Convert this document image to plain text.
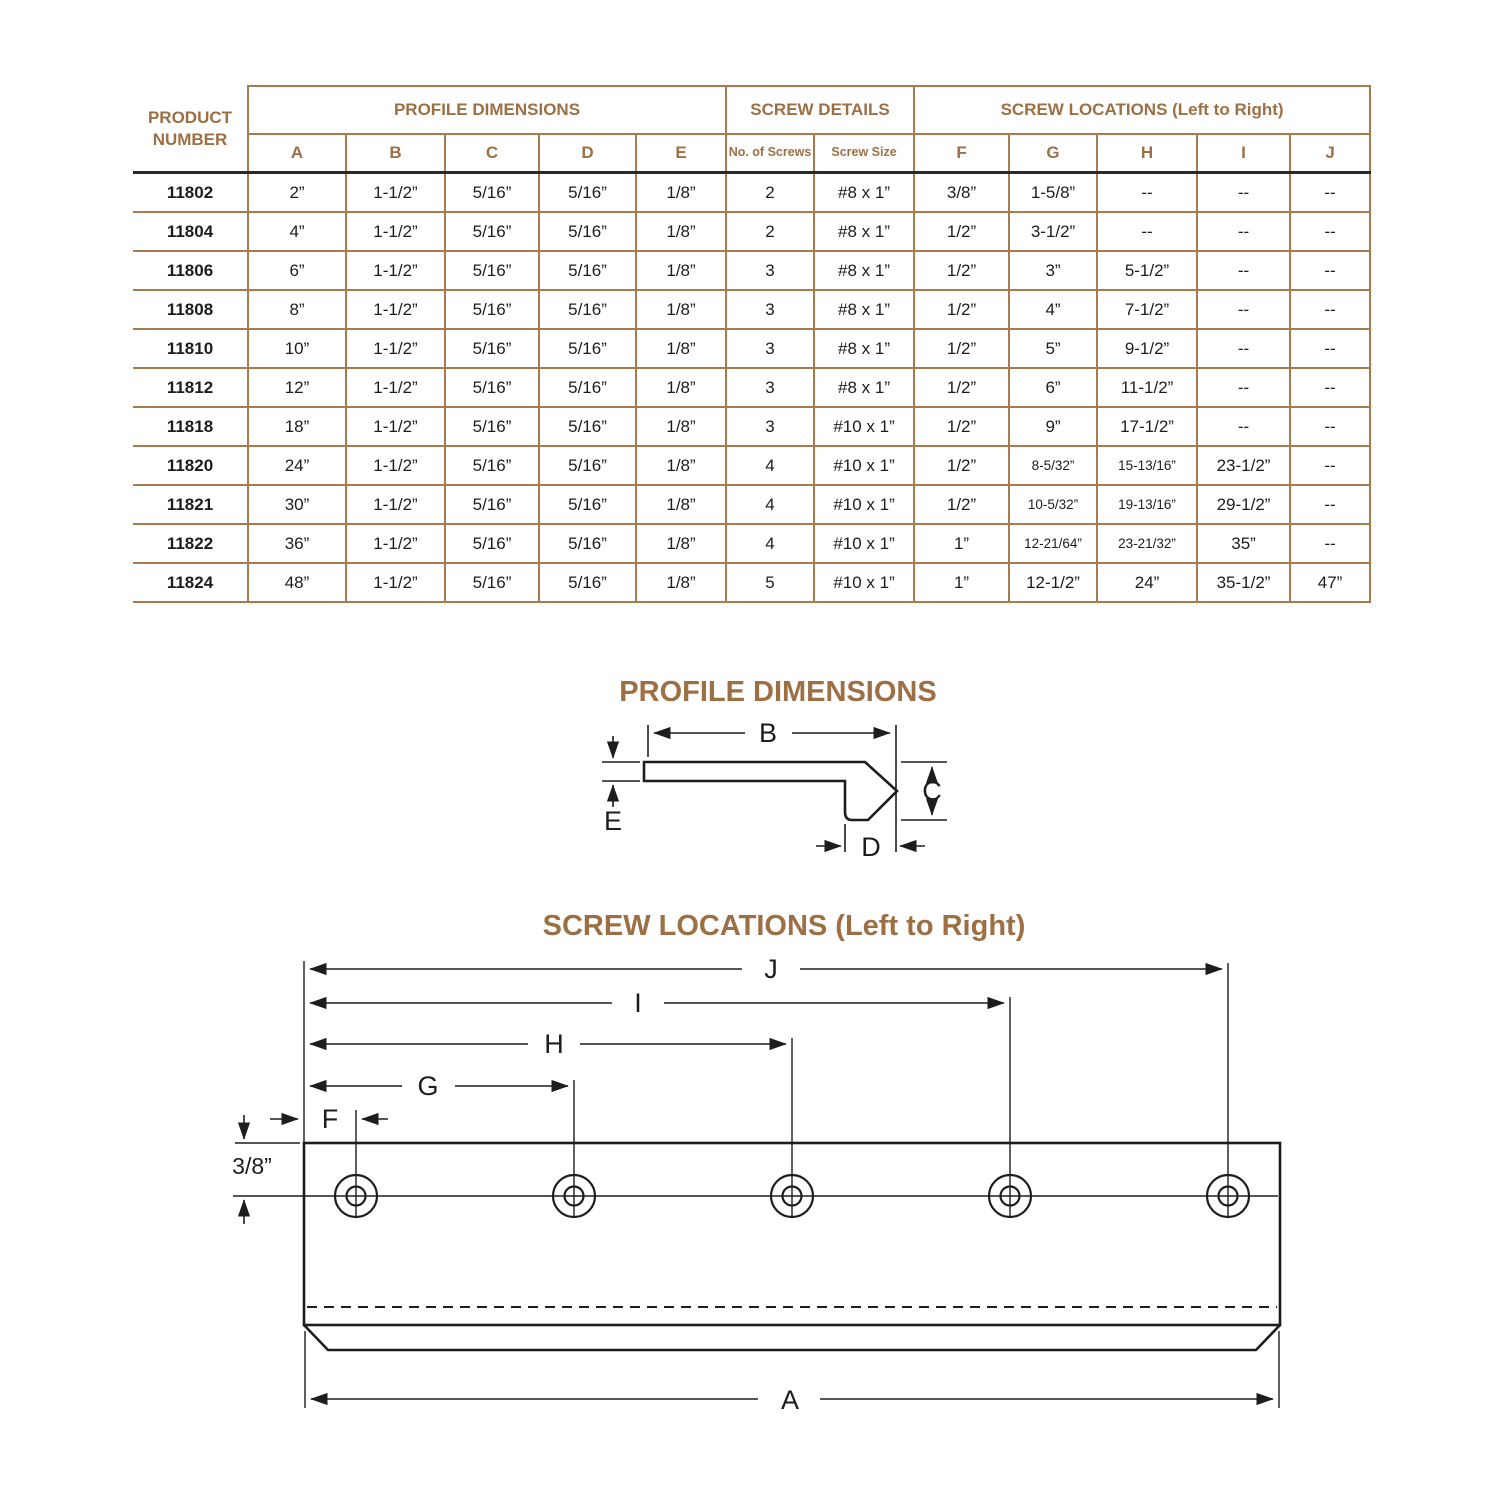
PRODUCT NUMBER	PROFILE DIMENSIONS					SCREW DETAILS		SCREW LOCATIONS (Left to Right)				
	A	B	C	D	E	No. of Screws	Screw Size	F	G	H	I	J
11802	2”	1-1/2”	5/16”	5/16”	1/8”	2	#8 x 1”	3/8”	1-5/8”	--	--	--
11804	4”	1-1/2”	5/16”	5/16”	1/8”	2	#8 x 1”	1/2”	3-1/2”	--	--	--
11806	6”	1-1/2”	5/16”	5/16”	1/8”	3	#8 x 1”	1/2”	3”	5-1/2”	--	--
11808	8”	1-1/2”	5/16”	5/16”	1/8”	3	#8 x 1”	1/2”	4”	7-1/2”	--	--
11810	10”	1-1/2”	5/16”	5/16”	1/8”	3	#8 x 1”	1/2”	5”	9-1/2”	--	--
11812	12”	1-1/2”	5/16”	5/16”	1/8”	3	#8 x 1”	1/2”	6”	11-1/2”	--	--
11818	18”	1-1/2”	5/16”	5/16”	1/8”	3	#10 x 1”	1/2”	9”	17-1/2”	--	--
11820	24”	1-1/2”	5/16”	5/16”	1/8”	4	#10 x 1”	1/2”	8-5/32”	15-13/16”	23-1/2”	--
11821	30”	1-1/2”	5/16”	5/16”	1/8”	4	#10 x 1”	1/2”	10-5/32”	19-13/16”	29-1/2”	--
11822	36”	1-1/2”	5/16”	5/16”	1/8”	4	#10 x 1”	1”	12-21/64”	23-21/32”	35”	--
11824	48”	1-1/2”	5/16”	5/16”	1/8”	5	#10 x 1”	1”	12-1/2”	24”	35-1/2”	47”
PROFILE DIMENSIONS
SCREW LOCATIONS (Left to Right)
B
C
D
E
J
I
H
G
F
3/8”
A
